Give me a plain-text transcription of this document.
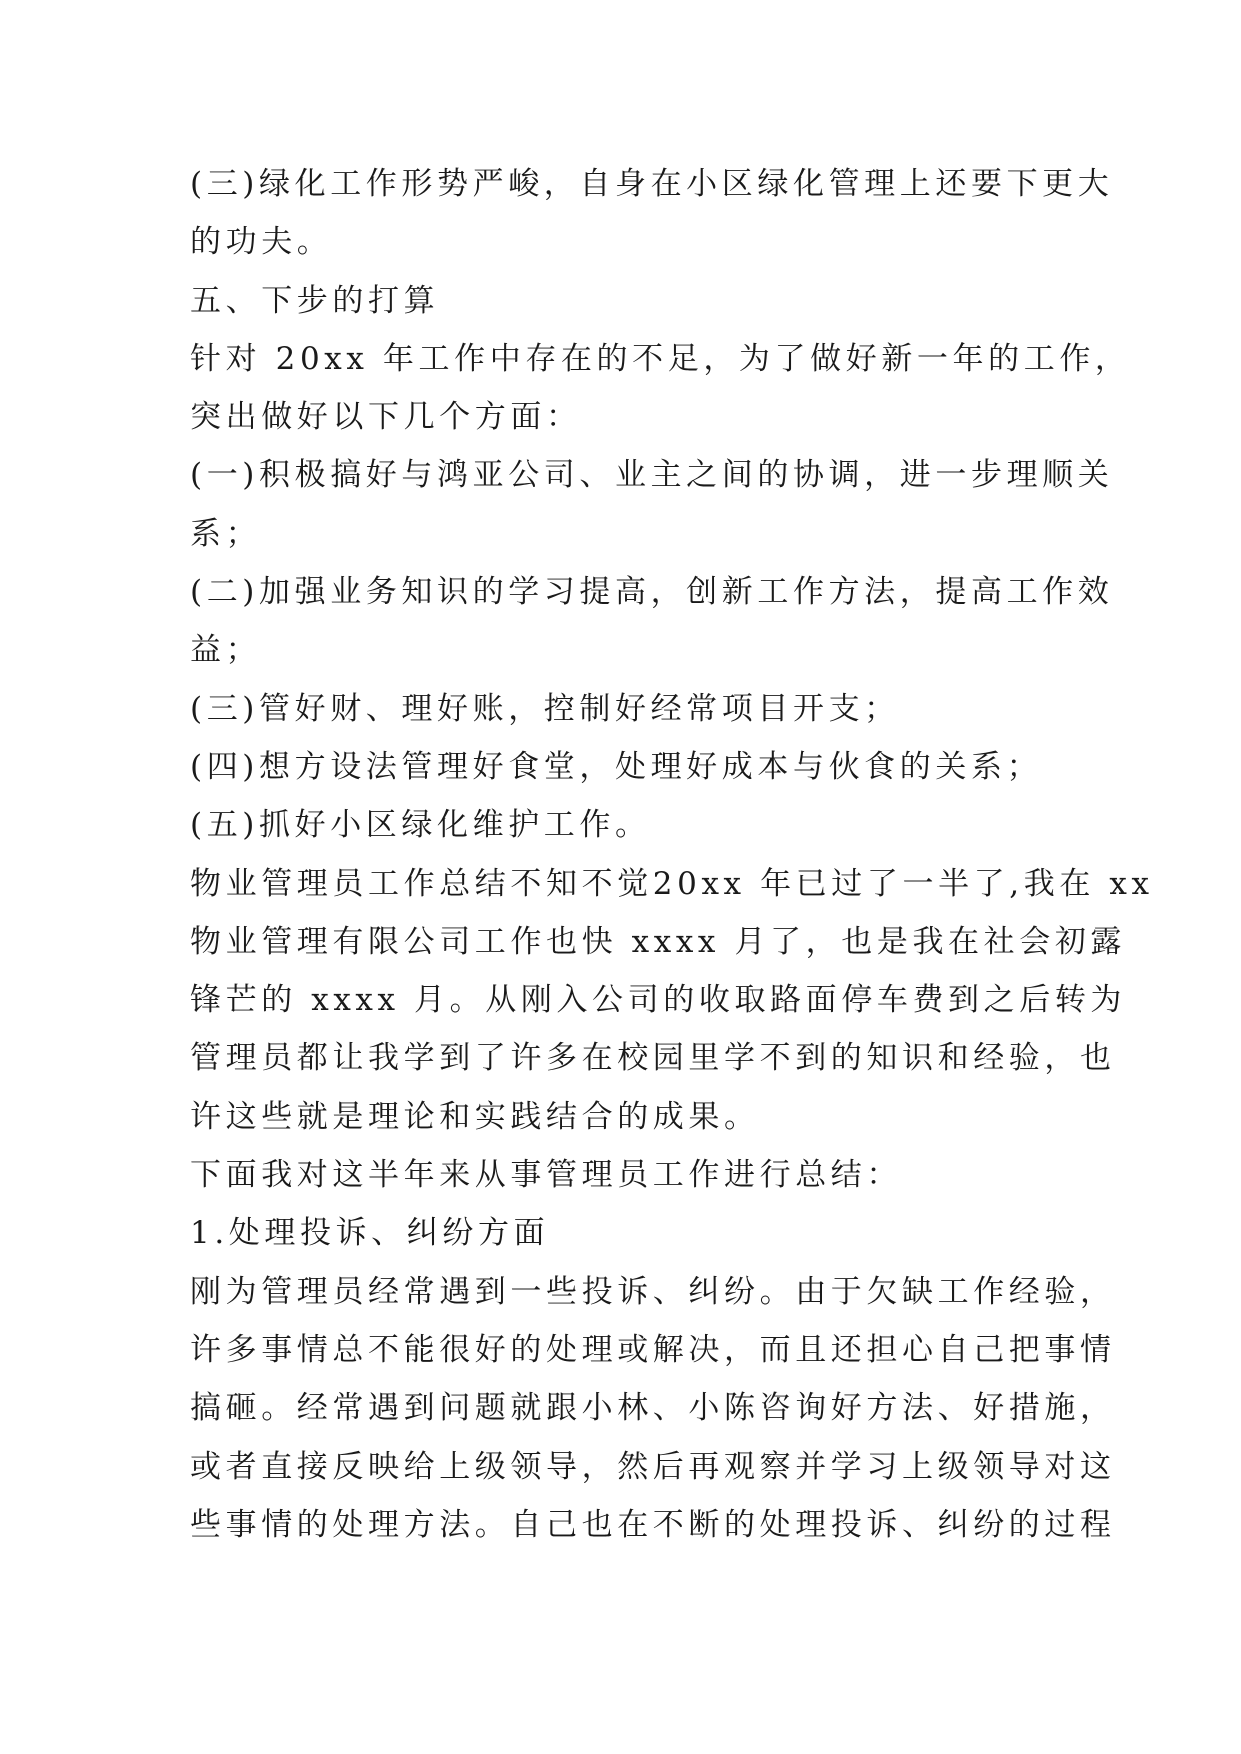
(三)绿化工作形势严峻，自身在小区绿化管理上还要下更大
的功夫。
五、下步的打算
针对 20xx 年工作中存在的不足，为了做好新一年的工作，
突出做好以下几个方面：
(一)积极搞好与鸿亚公司、业主之间的协调，进一步理顺关
系；
(二)加强业务知识的学习提高，创新工作方法，提高工作效
益；
(三)管好财、理好账，控制好经常项目开支；
(四)想方设法管理好食堂，处理好成本与伙食的关系；
(五)抓好小区绿化维护工作。
物业管理员工作总结不知不觉20xx 年已过了一半了,我在 xx
物业管理有限公司工作也快 xxxx 月了，也是我在社会初露
锋芒的 xxxx 月。从刚入公司的收取路面停车费到之后转为
管理员都让我学到了许多在校园里学不到的知识和经验，也
许这些就是理论和实践结合的成果。
下面我对这半年来从事管理员工作进行总结：
1.处理投诉、纠纷方面
刚为管理员经常遇到一些投诉、纠纷。由于欠缺工作经验，
许多事情总不能很好的处理或解决，而且还担心自己把事情
搞砸。经常遇到问题就跟小林、小陈咨询好方法、好措施，
或者直接反映给上级领导，然后再观察并学习上级领导对这
些事情的处理方法。自己也在不断的处理投诉、纠纷的过程
